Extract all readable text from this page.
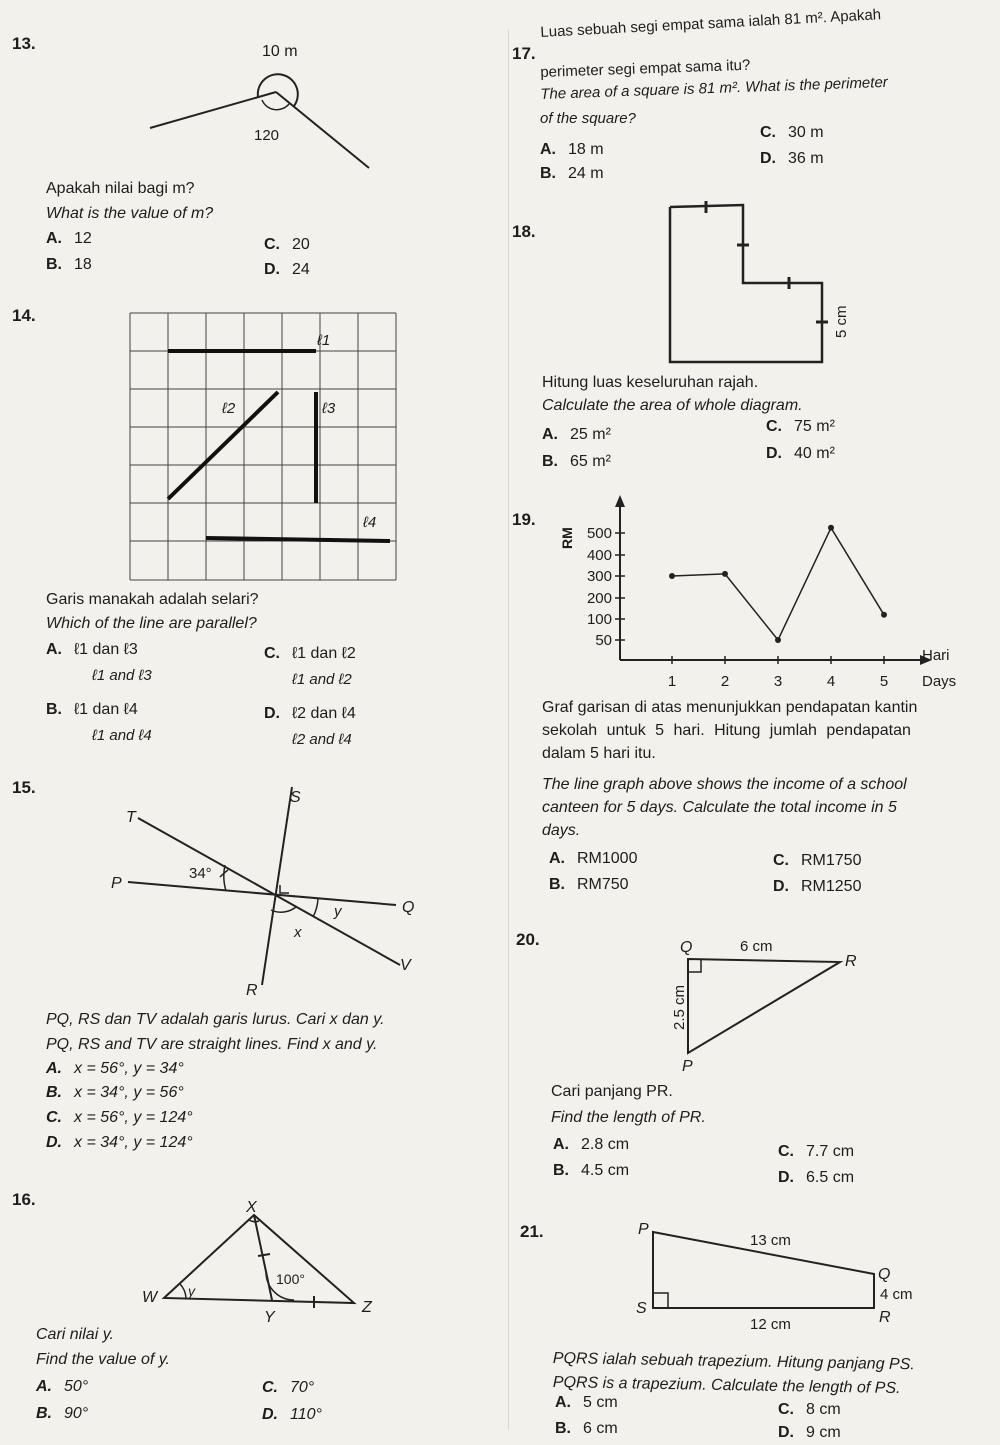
13.	10 m
120
Apakah nilai bagi m?
What is the value of m?
A. 12
B. 18
C. 20
D. 24
14.
ℓ1
ℓ2	ℓ3
ℓ4
Garis manakah adalah selari?
Which of the line are parallel?
A. ℓ1 dan ℓ3
ℓ1 and ℓ3
B. ℓ1 dan ℓ4
ℓ1 and ℓ4
C. ℓ1 dan ℓ2
ℓ1 and ℓ2
D. ℓ2 dan ℓ4
ℓ2 and ℓ4
15.
T
S
P
Q
R
V
34°
x
y
PQ, RS dan TV adalah garis lurus. Cari x dan y.
PQ, RS and TV are straight lines. Find x and y.
A. x = 56°, y = 34°
B. x = 34°, y = 56°
C. x = 56°, y = 124°
D. x = 34°, y = 124°
16.	X
W
Y
Z
100°
y
Cari nilai y.
Find the value of y.
A. 50°
B. 90°
C. 70°
D. 110°
17.
Luas sebuah segi empat sama ialah 81 m². Apakah
perimeter segi empat sama itu?
The area of a square is 81 m². What is the perimeter
of the square?
A. 18 m
B. 24 m
C. 30 m
D. 36 m
18.
5 cm
Hitung luas keseluruhan rajah.
Calculate the area of whole diagram.
A. 25 m²
B. 65 m²
C. 75 m²
D. 40 m²
19.
50
100
200
300
400
500
1	2	3	4	5
RM
Hari
Days
Graf garisan di atas menunjukkan pendapatan kantin
sekolah untuk 5 hari. Hitung jumlah pendapatan
dalam 5 hari itu.
The line graph above shows the income of a school
canteen for 5 days. Calculate the total income in 5
days.
A. RM1000
B. RM750
C. RM1750
D. RM1250
20.	Q
R
P
6 cm
2.5 cm
Cari panjang PR.
Find the length of PR.
A. 2.8 cm
B. 4.5 cm
C. 7.7 cm
D. 6.5 cm
21.	P
Q
R
S
13 cm
4 cm
12 cm
PQRS ialah sebuah trapezium. Hitung panjang PS.
PQRS is a trapezium. Calculate the length of PS.
A. 5 cm
B. 6 cm
C. 8 cm
D. 9 cm
